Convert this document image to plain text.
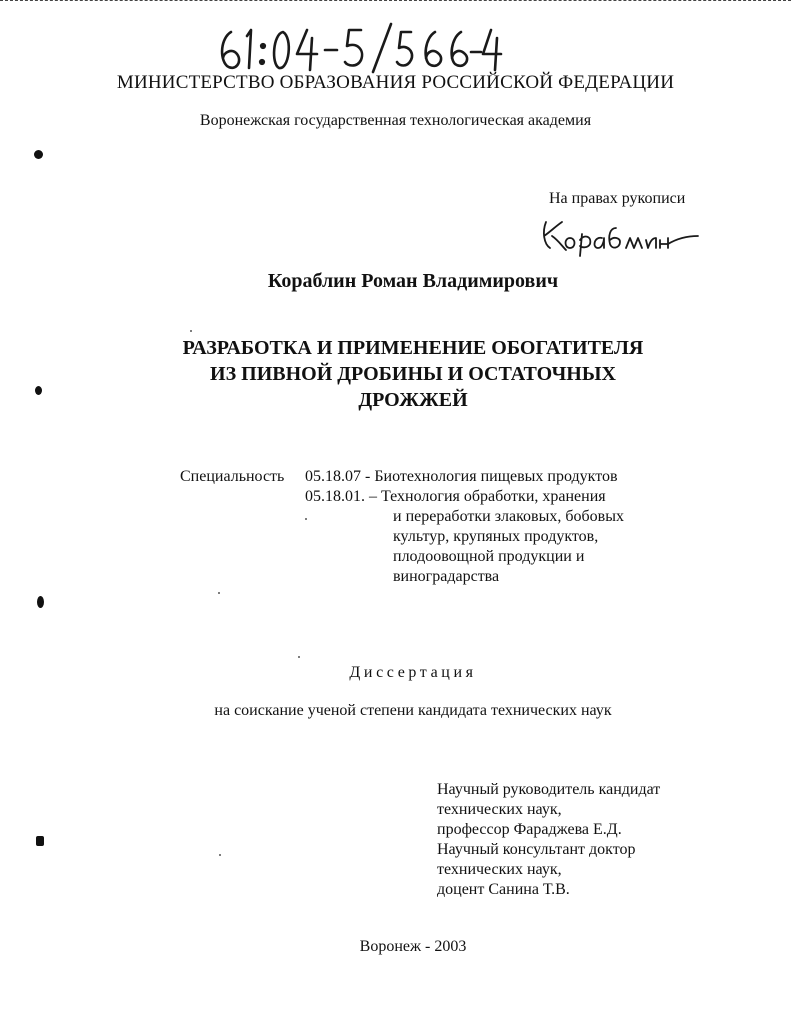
МИНИСТЕРСТВО ОБРАЗОВАНИЯ РОССИЙСКОЙ ФЕДЕРАЦИИ
Воронежская государственная технологическая академия
На правах рукописи
Кораблин Роман Владимирович
РАЗРАБОТКА И ПРИМЕНЕНИЕ ОБОГАТИТЕЛЯ
ИЗ ПИВНОЙ ДРОБИНЫ И ОСТАТОЧНЫХ
ДРОЖЖЕЙ
Специальность 05.18.07 - Биотехнология пищевых продуктов
05.18.01. – Технология обработки, хранения
и переработки злаковых, бобовых
культур, крупяных продуктов,
плодоовощной продукции и
виноградарства
Диссертация
на соискание ученой степени кандидата технических наук
Научный руководитель кандидат
технических наук,
профессор Фараджева Е.Д.
Научный консультант доктор
технических наук,
доцент Санина Т.В.
Воронеж - 2003
